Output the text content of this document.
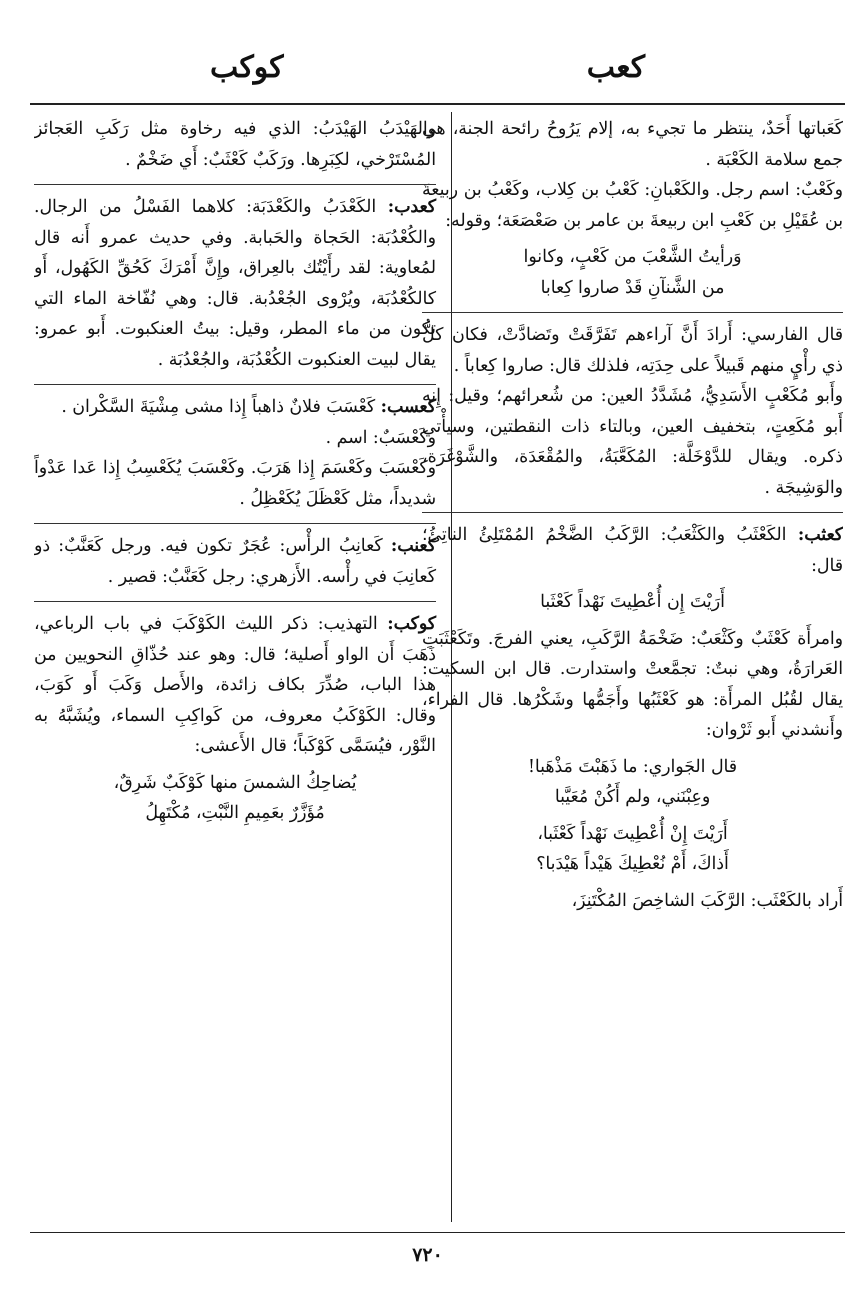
كعب
كوكب

كَعَباتها أَحَدٌ، ينتظر ما تجيء به، إلام يَرُوحُ رائحة الجنة، هي جمع سلامة الكَعْبَة .

وكَعْبٌ: اسم رجل. والكَعْبانِ: كَعْبُ بن كِلاب، وكَعْبُ بن ربيعةَ بن عُقَيْلِ بن كَعْبِ ابن ربيعةَ بن عامر بن صَعْصَعَة؛ وقوله:

وَرأيتُ الشَّعْبَ من كَعْبٍ، وكانوا
من الشَّنآنِ قَدْ صاروا كِعابا

قال الفارسي: أَرادَ أَنَّ آراءهم تَفَرَّقَتْ وتَضادَّتْ، فكان كلُّ ذي رأْيٍ منهم قَبيلاً على حِدَتِه، فلذلك قال: صاروا كِعاباً .

وأَبو مُكَعْبٍ الأَسَدِيُّ، مُشَدَّدُ العين: من شُعرائهم؛ وقيل: إِنه أَبو مُكَعِتٍ، بتخفيف العين، وبالتاء ذات النقطتين، وسيأْتي ذكره. ويقال للدَّوْخَلَّة: المُكَعَّبَةُ، والمُقْعَدَة، والشَّوْغَرَة، والوَشِيجَة .

كعثب: الكَعْثَبُ والكَثْعَبُ: الرَّكَبُ الضَّخْمُ المُمْتَلِئُ الناتِئُ؛ قال:

أَرَيْتَ إِن أُعْطِيتَ نَهْداً كَعْثَبا

وامرأَة كَعْثَبٌ وكَثْعَبٌ: ضَخْمَةُ الرَّكَبِ، يعني الفرجَ. وتَكَعْثَبَتِ العَرارَةُ، وهي نبتٌ: تجمَّعتْ واستدارت. قال ابن السكيت: يقال لقُبُل المرأَة: هو كَعْثَبُها وأَجَمُّها وشَكْرُها. قال الفراء، وأَنشدني أَبو ثَرْوان:

قال الجَواري: ما ذَهَبْتَ مَذْهَبا!
وعِبْنَني، ولم أَكُنْ مُعَيَّبا
أَرَيْتَ إِنْ أُعْطِيتَ نَهْداً كَعْثَبا،
أَذاكَ، أَمْ نُعْطِيكَ هَيْداً هَيْدَبا؟

أَراد بالكَعْثَب: الرَّكَبَ الشاخِصَ المُكْتَنِزَ،

والهَيْدَبُ الهَيْدَبُ: الذي فيه رخاوة مثل رَكَبِ العَجائز المُسْتَرْخي، لكِبَرِها. ورَكَبٌ كَعْثَبٌ: أَي ضَخْمٌ .

كعدب: الكَعْدَبُ والكَعْدَبَة: كلاهما الفَسْلُ من الرجال. والكُعْدُبَة: الحَجاة والحَبابة. وفي حديث عمرو أَنه قال لمُعاوية: لقد رأَيْتُك بالعِراق، وإِنَّ أَمْرَكَ كَحُقِّ الكَهُول، أَو كالكُعْدُبَة، ويُرْوى الجُعْدُبة. قال: وهي نُفّاخة الماء التي تكون من ماء المطر، وقيل: بيتُ العنكبوت. أَبو عمرو: يقال لبيت العنكبوت الكُعْدُبَة، والجُعْدُبَة .

كعسب: كَعْسَبَ فلانٌ ذاهباً إِذا مشى مِشْيَةَ السَّكْران .

وكَعْسَبٌ: اسم .

وكَعْسَبَ وكَعْسَمَ إِذا هَرَبَ. وكَعْسَبَ يُكَعْسِبُ إِذا عَدا عَدْواً شديداً، مثل كَعْظَلَ يُكَعْظِلُ .

كعنب: كَعانِبُ الرأْس: عُجَرٌ تكون فيه. ورجل كَعَنَّبٌ: ذو كَعانِبَ في رأْسه. الأَزهري: رجل كَعَنَّبٌ: قصير .

كوكب: التهذيب: ذكر الليث الكَوْكَبَ في باب الرباعي، ذَهَبَ أَن الواو أَصلية؛ قال: وهو عند حُذّاقِ النحويين من هذا الباب، صُدِّرَ بكاف زائدة، والأَصل وَكَبَ أَو كَوَبَ، وقال: الكَوْكَبُ معروف، من كَواكِبِ السماء، ويُشَبَّهُ به النَّوْر، فيُسَمَّى كَوْكَباً؛ قال الأَعشى:

يُضاحِكُ الشمسَ منها كَوْكَبٌ شَرِقٌ،
مُؤَزَّرٌ بعَمِيمِ النَّبْتِ، مُكْتَهِلُ
٧٢٠
